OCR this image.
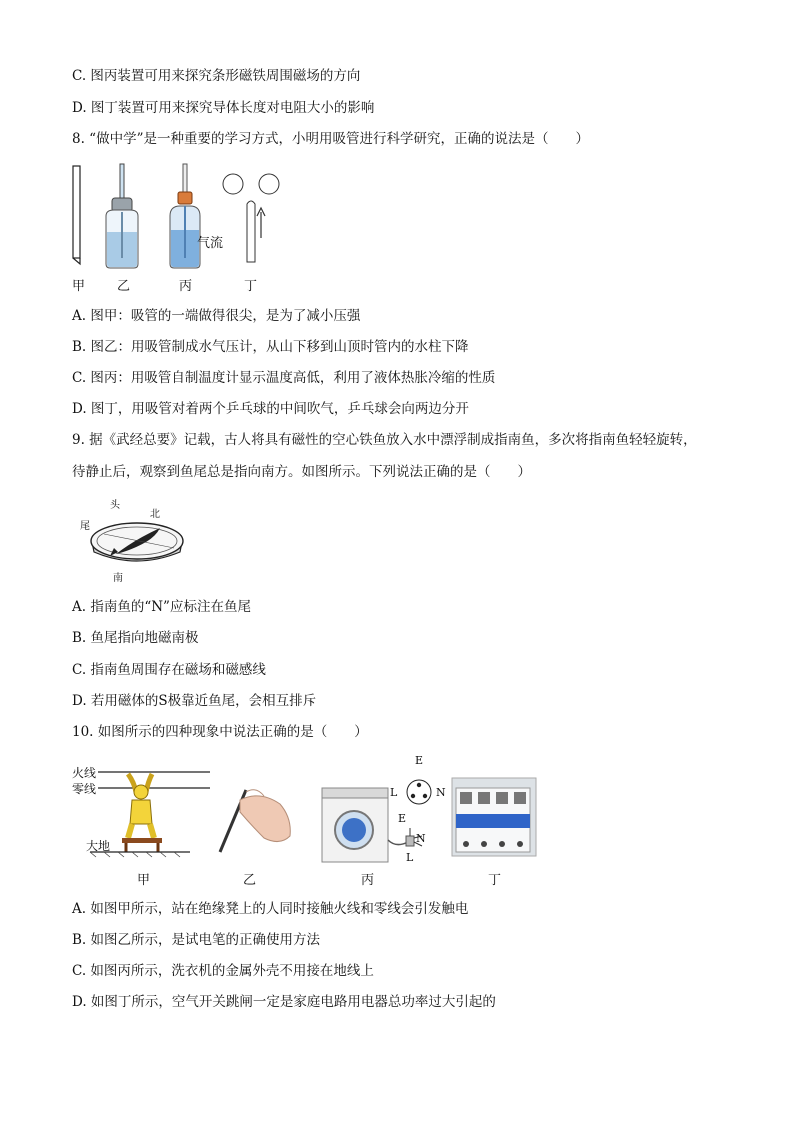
C. 图丙装置可用来探究条形磁铁周围磁场的方向
D. 图丁装置可用来探究导体长度对电阻大小的影响
8. “做中学”是一种重要的学习方式，小明用吸管进行科学研究，正确的说法是（　　）
气流
甲 乙	丙	丁
A. 图甲：吸管的一端做得很尖，是为了减小压强
B. 图乙：用吸管制成水气压计，从山下移到山顶时管内的水柱下降
C. 图丙：用吸管自制温度计显示温度高低，利用了液体热胀冷缩的性质
D. 图丁，用吸管对着两个乒乓球的中间吹气，乒乓球会向两边分开
9. 据《武经总要》记载，古人将具有磁性的空心铁鱼放入水中漂浮制成指南鱼，多次将指南鱼轻轻旋转，
待静止后，观察到鱼尾总是指向南方。如图所示。下列说法正确的是（　　）
头
北
尾
南
A. 指南鱼的“N”应标注在鱼尾
B. 鱼尾指向地磁南极
C. 指南鱼周围存在磁场和磁感线
D. 若用磁体的S极靠近鱼尾，会相互排斥
10. 如图所示的四种现象中说法正确的是（　　）
火线
零线
大地
E
L	N
E
N
L
甲	乙	丙	丁
A. 如图甲所示，站在绝缘凳上的人同时接触火线和零线会引发触电
B. 如图乙所示，是试电笔的正确使用方法
C. 如图丙所示，洗衣机的金属外壳不用接在地线上
D. 如图丁所示，空气开关跳闸一定是家庭电路用电器总功率过大引起的
